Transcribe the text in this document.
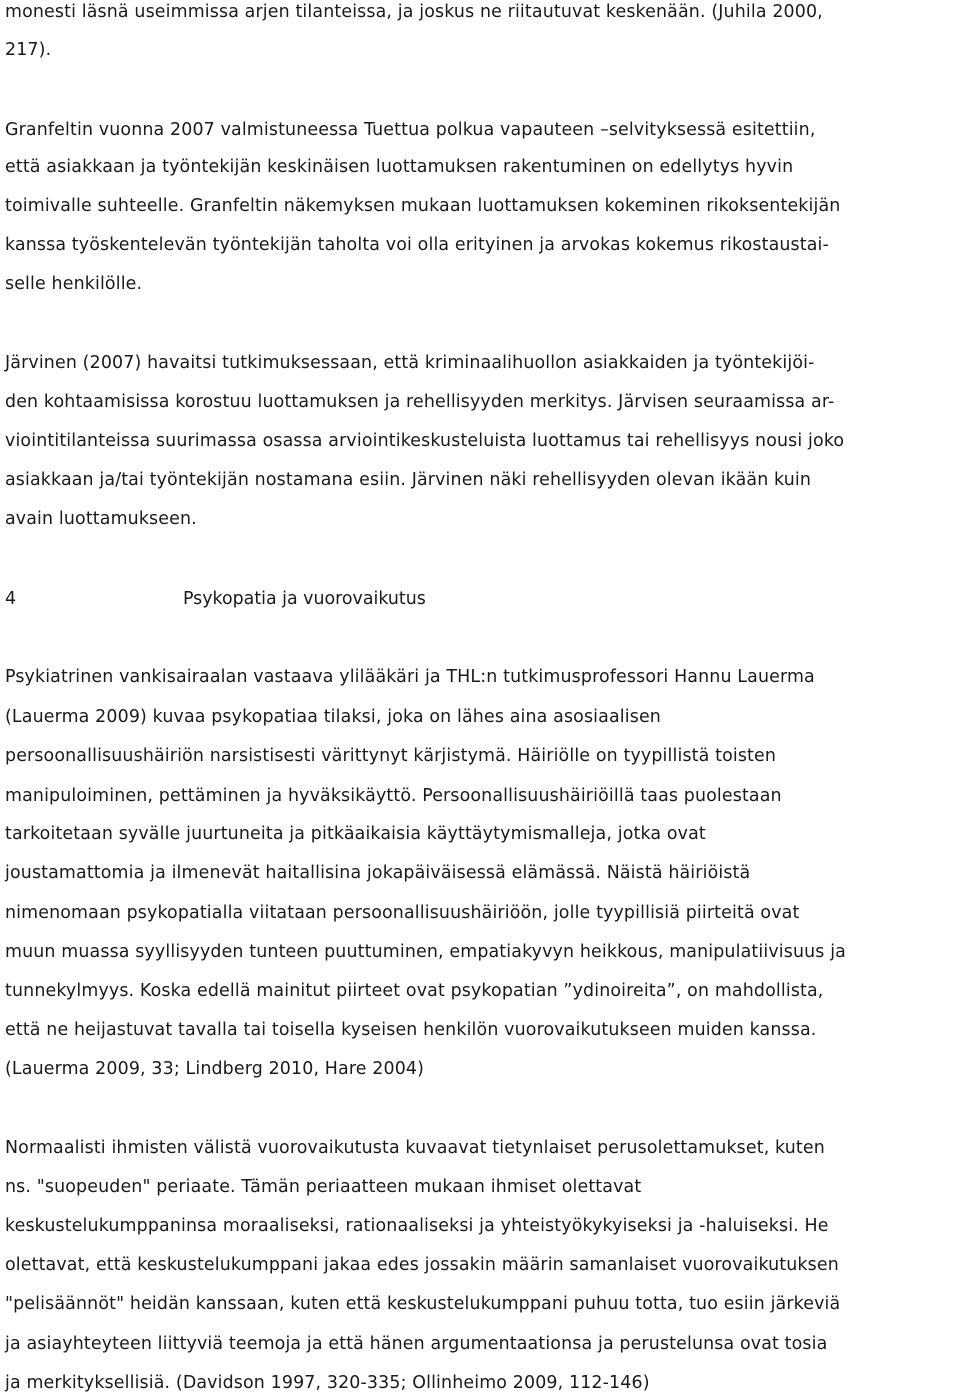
monesti läsnä useimmissa arjen tilanteissa, ja joskus ne riitautuvat keskenään. (Juhila 2000,
217).
Granfeltin vuonna 2007 valmistuneessa Tuettua polkua vapauteen –selvityksessä esitettiin,
että asiakkaan ja työntekijän keskinäisen luottamuksen rakentuminen on edellytys hyvin
toimivalle suhteelle. Granfeltin näkemyksen mukaan luottamuksen kokeminen rikoksentekijän
kanssa työskentelevän työntekijän taholta voi olla erityinen ja arvokas kokemus rikostaustai-
selle henkilölle.
Järvinen (2007) havaitsi tutkimuksessaan, että kriminaalihuollon asiakkaiden ja työntekijöi-
den kohtaamisissa korostuu luottamuksen ja rehellisyyden merkitys. Järvisen seuraamissa ar-
viointitilanteissa suurimassa osassa arviointikeskusteluista luottamus tai rehellisyys nousi joko
asiakkaan ja/tai työntekijän nostamana esiin. Järvinen näki rehellisyyden olevan ikään kuin
avain luottamukseen.
4	Psykopatia ja vuorovaikutus
Psykiatrinen vankisairaalan vastaava ylilääkäri ja THL:n tutkimusprofessori Hannu Lauerma
(Lauerma 2009) kuvaa psykopatiaa tilaksi, joka on lähes aina asosiaalisen
persoonallisuushäiriön narsistisesti värittynyt kärjistymä. Häiriölle on tyypillistä toisten
manipuloiminen, pettäminen ja hyväksikäyttö. Persoonallisuushäiriöillä taas puolestaan
tarkoitetaan syvälle juurtuneita ja pitkäaikaisia käyttäytymismalleja, jotka ovat
joustamattomia ja ilmenevät haitallisina jokapäiväisessä elämässä. Näistä häiriöistä
nimenomaan psykopatialla viitataan persoonallisuushäiriöön, jolle tyypillisiä piirteitä ovat
muun muassa syyllisyyden tunteen puuttuminen, empatiakyvyn heikkous, manipulatiivisuus ja
tunnekylmyys. Koska edellä mainitut piirteet ovat psykopatian ”ydinoireita”, on mahdollista,
että ne heijastuvat tavalla tai toisella kyseisen henkilön vuorovaikutukseen muiden kanssa.
(Lauerma 2009, 33; Lindberg 2010, Hare 2004)
Normaalisti ihmisten välistä vuorovaikutusta kuvaavat tietynlaiset perusolettamukset, kuten
ns. "suopeuden" periaate. Tämän periaatteen mukaan ihmiset olettavat
keskustelukumppaninsa moraaliseksi, rationaaliseksi ja yhteistyökykyiseksi ja -haluiseksi. He
olettavat, että keskustelukumppani jakaa edes jossakin määrin samanlaiset vuorovaikutuksen
"pelisäännöt" heidän kanssaan, kuten että keskustelukumppani puhuu totta, tuo esiin järkeviä
ja asiayhteyteen liittyviä teemoja ja että hänen argumentaationsa ja perustelunsa ovat tosia
ja merkityksellisiä. (Davidson 1997, 320-335; Ollinheimo 2009, 112-146)
